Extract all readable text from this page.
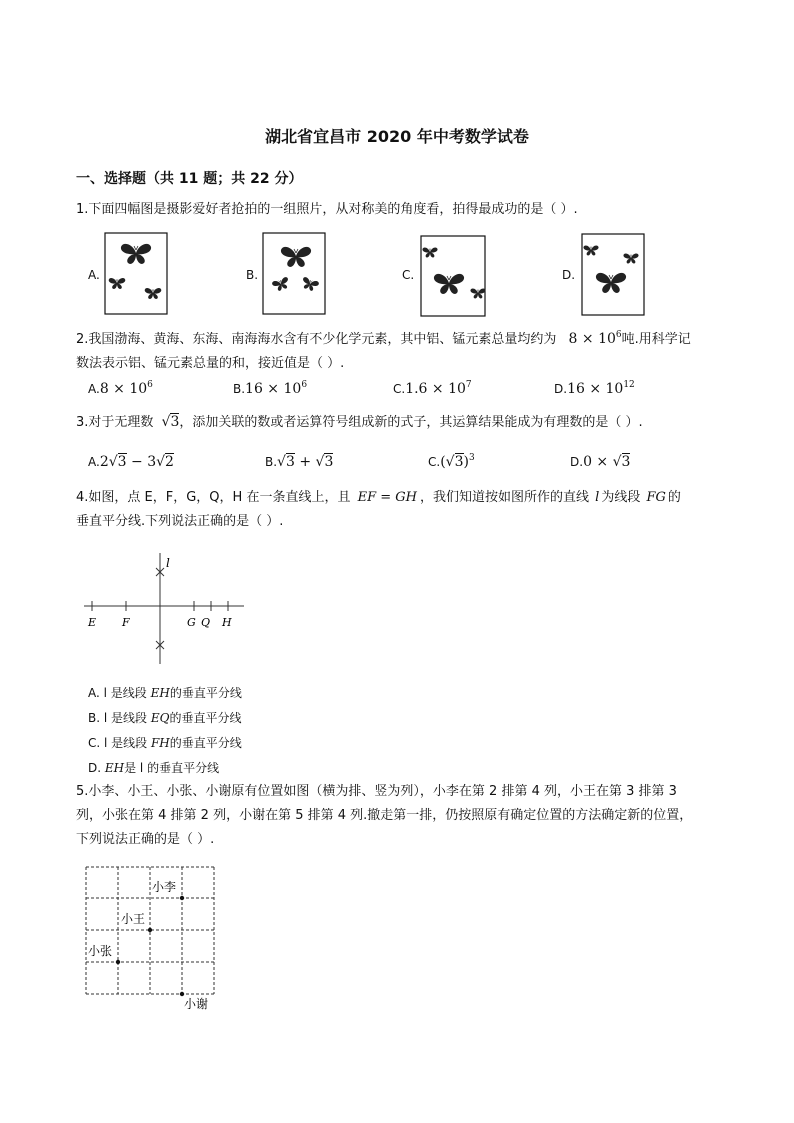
湖北省宜昌市 2020 年中考数学试卷
一、选择题（共 11 题；共 22 分）
1.下面四幅图是摄影爱好者抢拍的一组照片，从对称美的角度看，拍得最成功的是（ ）.
A.	B.	C.	D.
2.我国渤海、黄海、东海、南海海水含有不少化学元素，其中铝、锰元素总量均约为 $8 \times 10^6$吨.用科学记
数法表示铝、锰元素总量的和，接近值是（ ）.
$A.8 \times 10^6$	$B.16 \times 10^6$	$C.1.6 \times 10^7$	$D.16 \times 10^{12}$
3.对于无理数 √3，添加关联的数或者运算符号组成新的式子，其运算结果能成为有理数的是（ ）.
A.2√3 − 3√2	B.√3 + √3	$C.(√3)^3$	D.0 × √3
4.如图，点 E，F，G，Q，H 在一条直线上，且 EF = GH ，我们知道按如图所作的直线 l 为线段 FG 的
垂直平分线.下列说法正确的是（ ）.
l
E F	G Q H
A. l 是线段 EH的垂直平分线
B. l 是线段 EQ的垂直平分线
C. l 是线段 FH的垂直平分线
D. EH是 l 的垂直平分线
5.小李、小王、小张、小谢原有位置如图（横为排、竖为列），小李在第 2 排第 4 列，小王在第 3 排第 3
列，小张在第 4 排第 2 列，小谢在第 5 排第 4 列.撤走第一排，仍按照原有确定位置的方法确定新的位置，
下列说法正确的是（ ）.
小李
小王
小张
小谢
